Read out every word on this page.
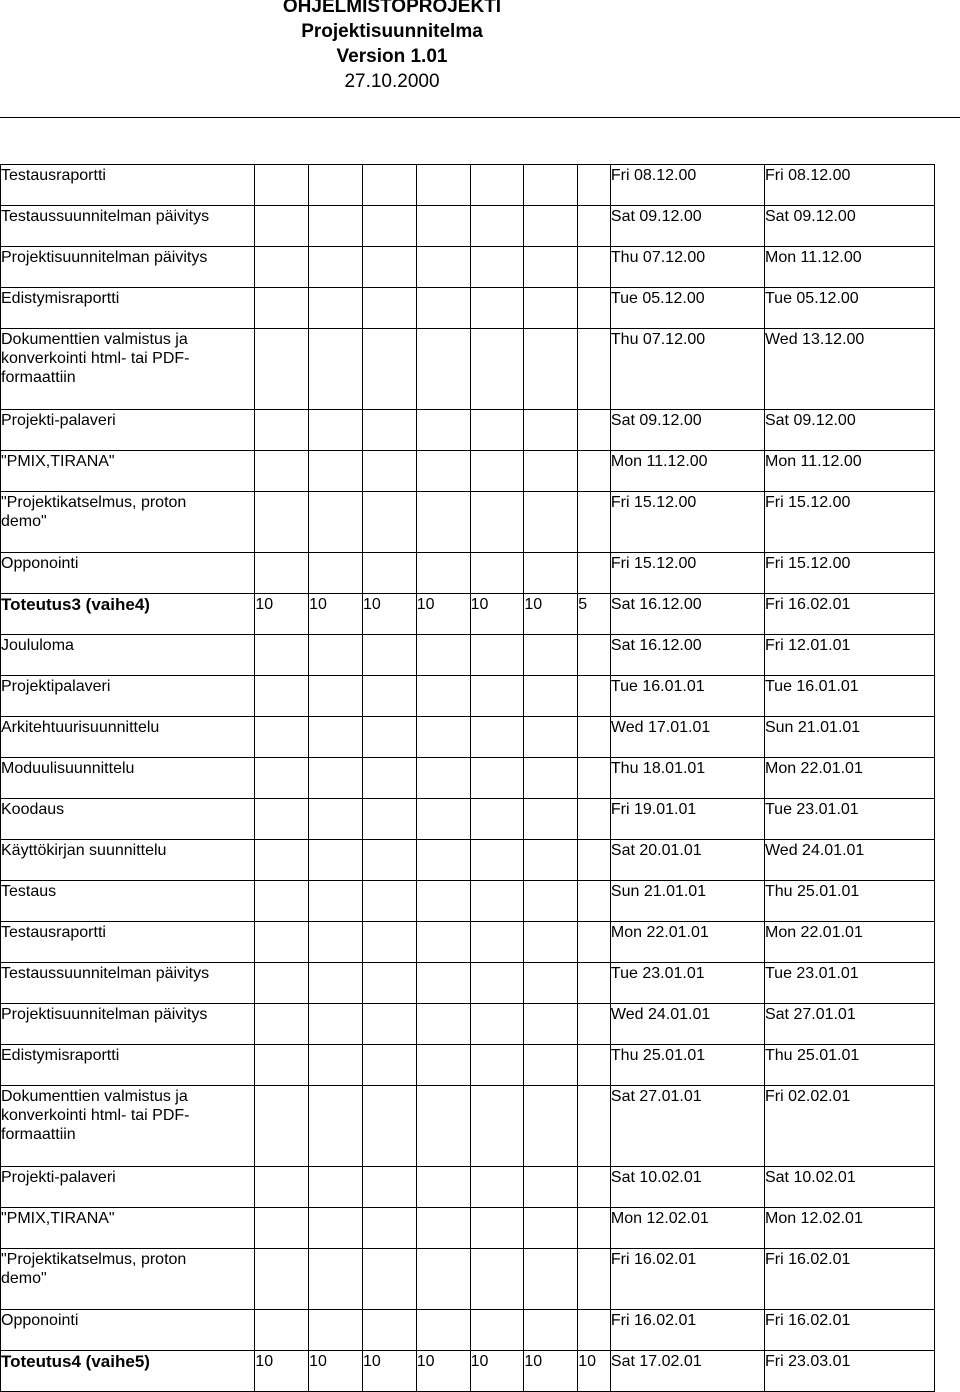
OHJELMISTOPROJEKTI
Projektisuunnitelma
Version 1.01
27.10.2000
Testausraportti								Fri 08.12.00	Fri 08.12.00

Testaussuunnitelman päivitys								Sat 09.12.00	Sat 09.12.00

Projektisuunnitelman päivitys								Thu 07.12.00	Mon 11.12.00

Edistymisraportti								Tue 05.12.00	Tue 05.12.00

Dokumenttien valmistus ja
konverkointi html- tai PDF-
formaattiin								Thu 07.12.00	Wed 13.12.00

Projekti-palaveri								Sat 09.12.00	Sat 09.12.00

"PMIX,TIRANA"								Mon 11.12.00	Mon 11.12.00

"Projektikatselmus, proton
demo"								Fri 15.12.00	Fri 15.12.00

Opponointi								Fri 15.12.00	Fri 15.12.00

Toteutus3 (vaihe4)	10	10	10	10	10	10	5	Sat 16.12.00	Fri 16.02.01

Joululoma								Sat 16.12.00	Fri 12.01.01

Projektipalaveri								Tue 16.01.01	Tue 16.01.01

Arkitehtuurisuunnittelu								Wed 17.01.01	Sun 21.01.01

Moduulisuunnittelu								Thu 18.01.01	Mon 22.01.01

Koodaus								Fri 19.01.01	Tue 23.01.01

Käyttökirjan suunnittelu								Sat 20.01.01	Wed 24.01.01

Testaus								Sun 21.01.01	Thu 25.01.01

Testausraportti								Mon 22.01.01	Mon 22.01.01

Testaussuunnitelman päivitys								Tue 23.01.01	Tue 23.01.01

Projektisuunnitelman päivitys								Wed 24.01.01	Sat 27.01.01

Edistymisraportti								Thu 25.01.01	Thu 25.01.01

Dokumenttien valmistus ja
konverkointi html- tai PDF-
formaattiin								Sat 27.01.01	Fri 02.02.01

Projekti-palaveri								Sat 10.02.01	Sat 10.02.01

"PMIX,TIRANA"								Mon 12.02.01	Mon 12.02.01

"Projektikatselmus, proton
demo"								Fri 16.02.01	Fri 16.02.01

Opponointi								Fri 16.02.01	Fri 16.02.01

Toteutus4 (vaihe5)	10	10	10	10	10	10	10	Sat 17.02.01	Fri 23.03.01
